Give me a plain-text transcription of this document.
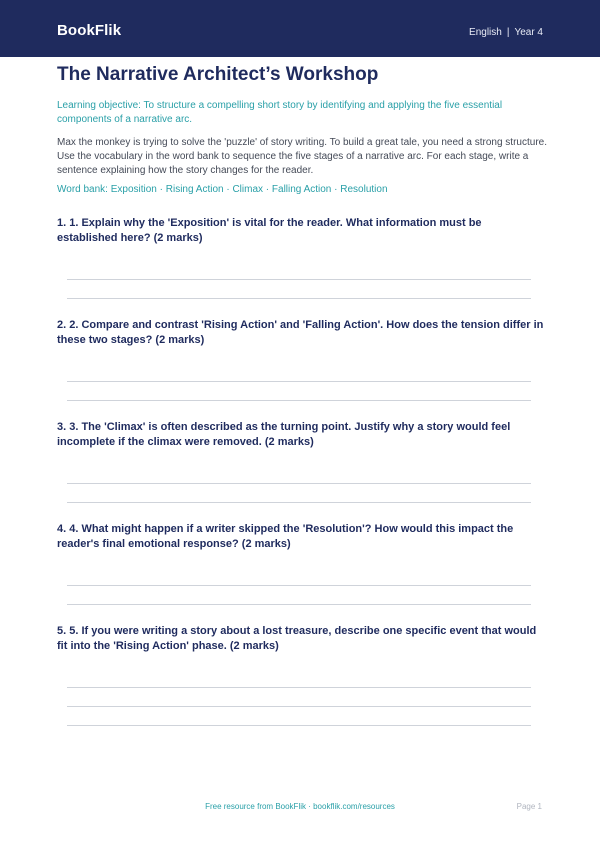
BookFlik	English | Year 4
The Narrative Architect’s Workshop
Learning objective: To structure a compelling short story by identifying and applying the five essential components of a narrative arc.
Max the monkey is trying to solve the 'puzzle' of story writing. To build a great tale, you need a strong structure. Use the vocabulary in the word bank to sequence the five stages of a narrative arc. For each stage, write a sentence explaining how the story changes for the reader.
Word bank: Exposition · Rising Action · Climax · Falling Action · Resolution

1. 1. Explain why the 'Exposition' is vital for the reader. What information must be established here? (2 marks)

2. 2. Compare and contrast 'Rising Action' and 'Falling Action'. How does the tension differ in these two stages? (2 marks)

3. 3. The 'Climax' is often described as the turning point. Justify why a story would feel incomplete if the climax were removed. (2 marks)

4. 4. What might happen if a writer skipped the 'Resolution'? How would this impact the reader's final emotional response? (2 marks)

5. 5. If you were writing a story about a lost treasure, describe one specific event that would fit into the 'Rising Action' phase. (2 marks)

Free resource from BookFlik · bookflik.com/resources	Page 1
